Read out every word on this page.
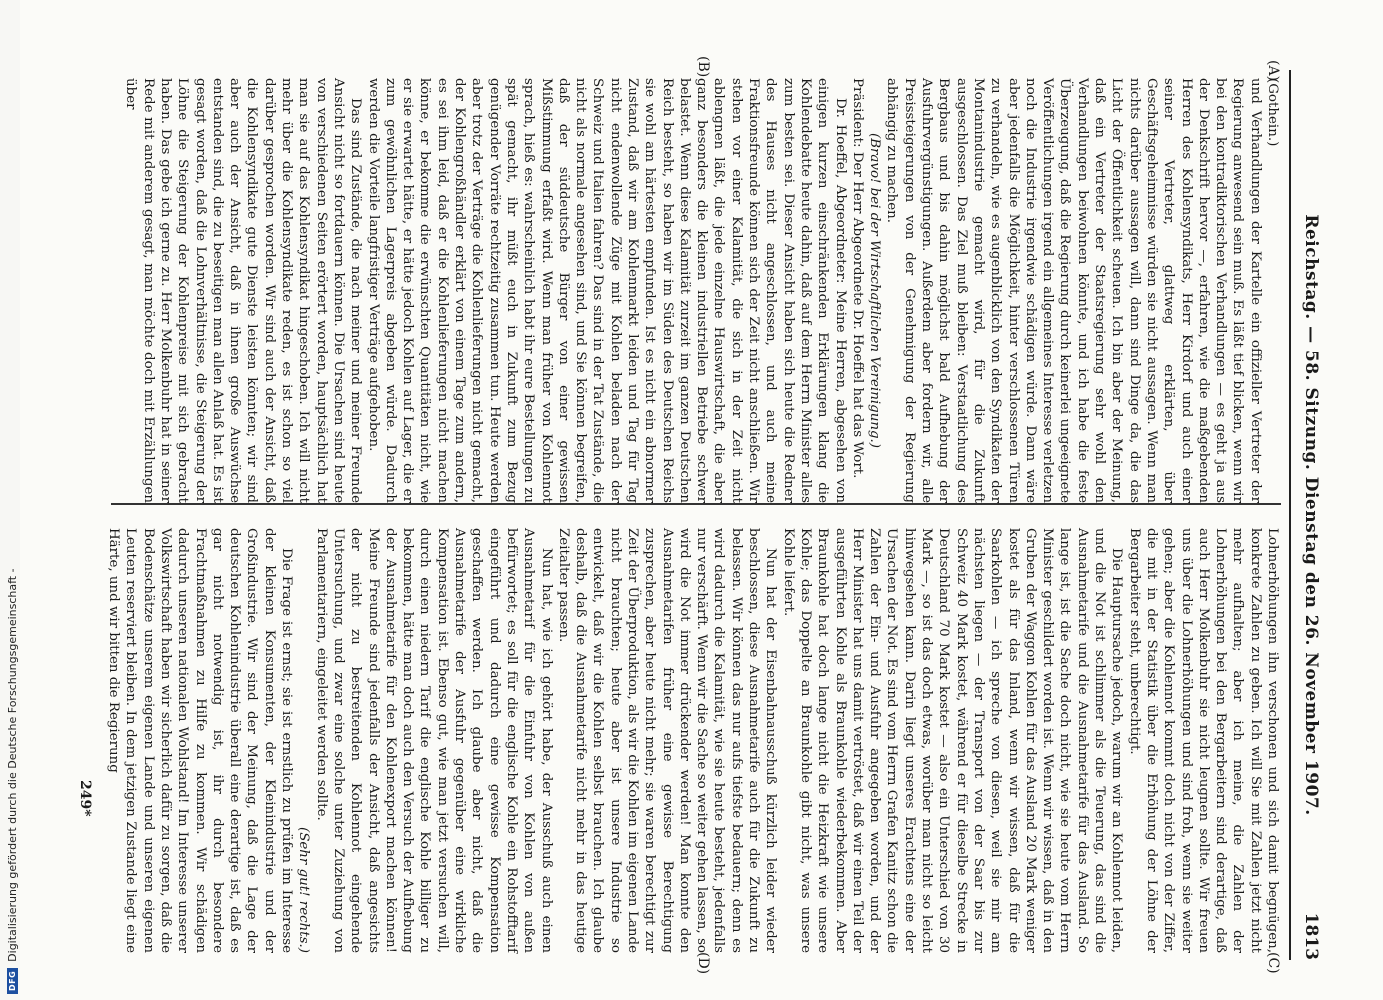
Reichstag. — 58. Sitzung. Dienstag den 26. November 1907.
1813
(A)
(B)
(C)
(D)

(Gothein.)

und Verhandlungen der Kartelle ein offizieller Vertreter der Regierung anwesend sein muß. Es läßt tief blicken, wenn wir bei den kontradiktorischen Verhandlungen — es geht ja aus der Denkschrift hervor —, erfahren, wie die maßgebenden Herren des Kohlensyndikats, Herr Kirdorf und auch einer seiner Vertreter, glattweg erklärten, über Geschäftsgeheimnisse würden sie nicht aussagen. Wenn man nichts darüber aussagen will, dann sind Dinge da, die das Licht der Öffentlichkeit scheuen. Ich bin aber der Meinung, daß ein Vertreter der Staatsregierung sehr wohl den Verhandlungen beiwohnen könnte, und ich habe die feste Überzeugung, daß die Regierung durch keinerlei ungeeignete Veröffentlichungen irgend ein allgemeines Interesse verletzen noch die Industrie irgendwie schädigen würde. Dann wäre aber jedenfalls die Möglichkeit, hinter verschlossenen Türen zu verhandeln, wie es augenblicklich von den Syndikaten der Montanindustrie gemacht wird, für die Zukunft ausgeschlossen. Das Ziel muß bleiben: Verstaatlichung des Bergbaus und bis dahin möglichst bald Aufhebung der Ausfuhrvergünstigungen. Außerdem aber fordern wir, alle Preissteigerungen von der Genehmigung der Regierung abhängig zu machen.

(Bravo! bei der Wirtschaftlichen Vereinigung.)

Präsident: Der Herr Abgeordnete Dr. Hoeffel hat das Wort.

Dr. Hoeffel, Abgeordneter: Meine Herren, abgesehen von einigen kurzen einschränkenden Erklärungen klang die Kohlendebatte heute dahin, daß auf dem Herrn Minister alles zum besten sei. Dieser Ansicht haben sich heute die Redner des Hauses nicht angeschlossen, und auch meine Fraktionsfreunde können sich der Zeit nicht anschließen. Wir stehen vor einer Kalamität, die sich in der Zeit nicht ablengnen läßt, die jede einzelne Hauswirtschaft, die aber ganz besonders die kleinen industriellen Betriebe schwer belastet. Wenn diese Kalamität zurzeit im ganzen Deutschen Reich besteht, so haben wir im Süden des Deutschen Reichs sie wohl am härtesten empfunden. Ist es nicht ein abnormer Zustand, daß wir am Kohlenmarkt leiden und Tag für Tag nicht endenwollende Züge mit Kohlen beladen nach der Schweiz und Italien fahren? Das sind in der Tat Zustände, die nicht als normale angesehen sind, und Sie können begreifen, daß der süddeutsche Bürger von einer gewissen Mißstimmung erfaßt wird. Wenn man früher von Kohlennot sprach, hieß es: wahrscheinlich habt ihr eure Bestellungen zu spät gemacht, ihr müßt euch in Zukunft zum Bezug genügender Vorräte rechtzeitig zusammen tun. Heute werden aber trotz der Verträge die Kohlenlieferungen nicht gemacht, der Kohlengroßhändler erklärt von einem Tage zum andern, es sei ihm leid, daß er die Kohlenlieferungen nicht machen könne, er bekomme die erwünschten Quantitäten nicht, wie er sie erwartet hätte, er hätte jedoch Kohlen auf Lager, die er zum gewöhnlichen Lagerpreis abgeben würde. Dadurch werden die Vorteile langfristiger Verträge aufgehoben.

Das sind Zustände, die nach meiner und meiner Freunde Ansicht nicht so fortdauern können. Die Ursachen sind heute von verschiedenen Seiten erörtert worden, hauptsächlich hat man sie auf das Kohlensyndikat hingeschoben. Ich will nicht mehr über die Kohlensyndikate reden, es ist schon so viel darüber gesprochen worden. Wir sind auch der Ansicht, daß die Kohlensyndikate gute Dienste leisten könnten; wir sind aber auch der Ansicht, daß in ihnen große Auswüchse entstanden sind, die zu beseitigen man allen Anlaß hat. Es ist gesagt worden, daß die Lohnverhältnisse, die Steigerung der Löhne die Steigerung der Kohlenpreise mit sich gebracht haben. Das gebe ich gerne zu. Herr Molkenbuhr hat in seiner Rede mit anderem gesagt, man möchte doch mit Erzählungen über

Lohnerhöhungen ihn verschonen und sich damit begnügen, konkrete Zahlen zu geben. Ich will Sie mit Zahlen jetzt nicht mehr aufhalten; aber ich meine, die Zahlen der Lohnerhöhungen bei den Bergarbeitern sind derartige, daß auch Herr Molkenbuhr sie nicht leugnen sollte. Wir freuen uns über die Lohnerhöhungen und sind froh, wenn sie weiter gehen; aber die Kohlennot kommt doch nicht von der Ziffer, die mit in der Statistik über die Erhöhung der Löhne der Bergarbeiter steht, unberechtigt.

Die Hauptursache jedoch, warum wir an Kohlennot leiden, und die Not ist schlimmer als die Teuerung, das sind die Ausnahmetarife und die Ausnahmetarife für das Ausland. So lange ist, ist die Sache doch nicht, wie sie heute vom Herrn Minister geschildert worden ist. Wenn wir wissen, daß in den Gruben der Waggon Kohlen für das Ausland 20 Mark weniger kostet als für das Inland, wenn wir wissen, daß für die Saarkohlen — ich spreche von diesen, weil sie mir am nächsten liegen — der Transport von der Saar bis zur Schweiz 40 Mark kostet, während er für dieselbe Strecke in Deutschland 70 Mark kostet — also ein Unterschied von 30 Mark —, so ist das doch etwas, worüber man nicht so leicht hinwegsehen kann. Darin liegt unseres Erachtens eine der Ursachen der Not. Es sind vom Herrn Grafen Kanitz schon die Zahlen der Ein- und Ausfuhr angegeben worden, und der Herr Minister hat uns damit vertröstet, daß wir einen Teil der ausgeführten Kohle als Braunkohle wiederbekommen. Aber Braunkohle hat doch lange nicht die Heizkraft wie unsere Kohle; das Doppelte an Braunkohle gibt nicht, was unsere Kohle liefert.

Nun hat der Eisenbahnausschuß kürzlich leider wieder beschlossen, diese Ausnahmetarife auch für die Zukunft zu belassen. Wir können das nur aufs tiefste bedauern; denn es wird dadurch die Kalamität, wie sie heute besteht, jedenfalls nur verschärft. Wenn wir die Sache so weiter gehen lassen, so wird die Not immer drückender werden! Man konnte den Ausnahmetarifen früher eine gewisse Berechtigung zusprechen, aber heute nicht mehr; sie waren berechtigt zur Zeit der Überproduktion, als wir die Kohlen im eigenen Lande nicht brauchten; heute aber ist unsere Industrie so entwickelt, daß wir die Kohlen selbst brauchen. Ich glaube deshalb, daß die Ausnahmetarife nicht mehr in das heutige Zeitalter passen.

Nun hat, wie ich gehört habe, der Ausschuß auch einen Ausnahmetarif für die Einfuhr von Kohlen von außen befürwortet; es soll für die englische Kohle ein Rohstofftarif eingeführt und dadurch eine gewisse Kompensation geschaffen werden. Ich glaube aber nicht, daß die Ausnahmetarife der Ausfuhr gegenüber eine wirkliche Kompensation ist. Ebenso gut, wie man jetzt versuchen will, durch einen niedern Tarif die englische Kohle billiger zu bekommen, hätte man doch auch den Versuch der Aufhebung der Ausnahmetarife für den Kohlenexport machen können! Meine Freunde sind jedenfalls der Ansicht, daß angesichts der nicht zu bestreitenden Kohlennot eingehende Untersuchung, und zwar eine solche unter Zuziehung von Parlamentariern, eingeleitet werden sollte.

(Sehr gut! rechts.)

Die Frage ist ernst; sie ist ernstlich zu prüfen im Interesse der kleinen Konsumenten, der Kleinindustrie und der Großindustrie. Wir sind der Meinung, daß die Lage der deutschen Kohlenindustrie überall eine derartige ist, daß es gar nicht notwendig ist, ihr durch besondere Frachtmaßnahmen zu Hilfe zu kommen. Wir schädigen dadurch unseren nationalen Wohlstand! Im Interesse unserer Volkswirtschaft haben wir sicherlich dafür zu sorgen, daß die Bodenschätze unserem eigenen Lande und unseren eigenen Leuten reserviert bleiben. In dem jetzigen Zustande liegt eine Härte, und wir bitten die Regierung

249*
DFG
Digitalisierung gefördert durch die Deutsche Forschungsgemeinschaft -
